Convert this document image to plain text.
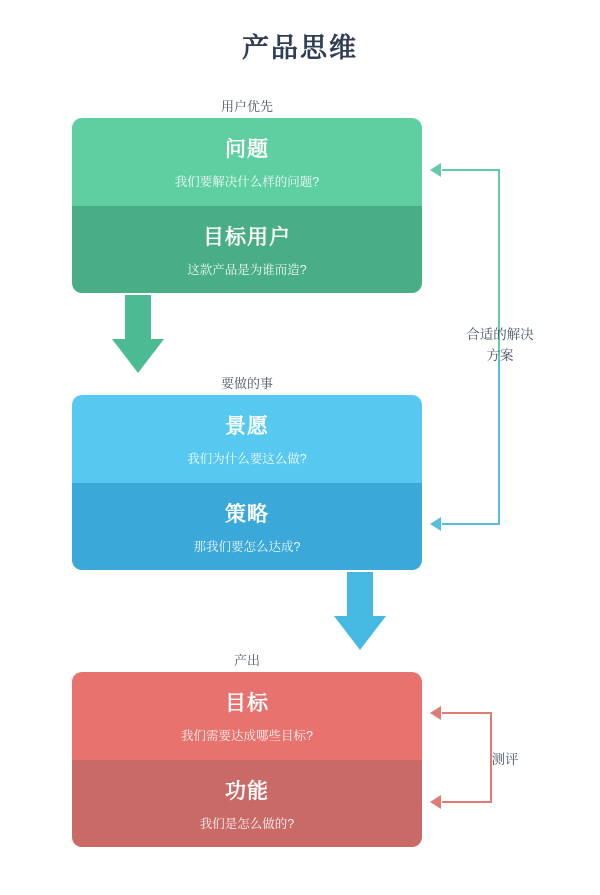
产品思维
用户优先
问题
我们要解决什么样的问题?
目标用户
这款产品是为谁而造?
要做的事
景愿
我们为什么要这么做?
策略
那我们要怎么达成?
产出
目标
我们需要达成哪些目标?
功能
我们是怎么做的?
合适的解决
方案
测评
